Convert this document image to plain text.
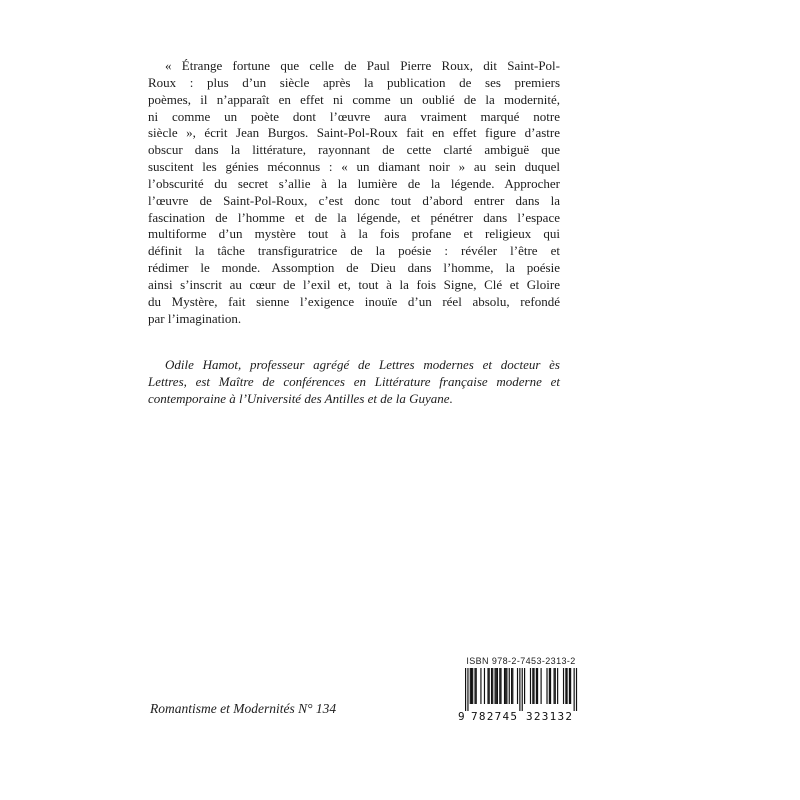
« Étrange fortune que celle de Paul Pierre Roux, dit Saint-Pol-
Roux : plus d’un siècle après la publication de ses premiers
poèmes, il n’apparaît en effet ni comme un oublié de la modernité,
ni comme un poète dont l’œuvre aura vraiment marqué notre
siècle », écrit Jean Burgos. Saint-Pol-Roux fait en effet figure d’astre
obscur dans la littérature, rayonnant de cette clarté ambiguë que
suscitent les génies méconnus : « un diamant noir » au sein duquel
l’obscurité du secret s’allie à la lumière de la légende. Approcher
l’œuvre de Saint-Pol-Roux, c’est donc tout d’abord entrer dans la
fascination de l’homme et de la légende, et pénétrer dans l’espace
multiforme d’un mystère tout à la fois profane et religieux qui
définit la tâche transfiguratrice de la poésie : révéler l’être et
rédimer le monde. Assomption de Dieu dans l’homme, la poésie
ainsi s’inscrit au cœur de l’exil et, tout à la fois Signe, Clé et Gloire
du Mystère, fait sienne l’exigence inouïe d’un réel absolu, refondé
par l’imagination.
Odile Hamot, professeur agrégé de Lettres modernes et docteur ès
Lettres, est Maître de conférences en Littérature française moderne et
contemporaine à l’Université des Antilles et de la Guyane.
Romantisme et Modernités N° 134
ISBN 978-2-7453-2313-2
9 782745 323132
